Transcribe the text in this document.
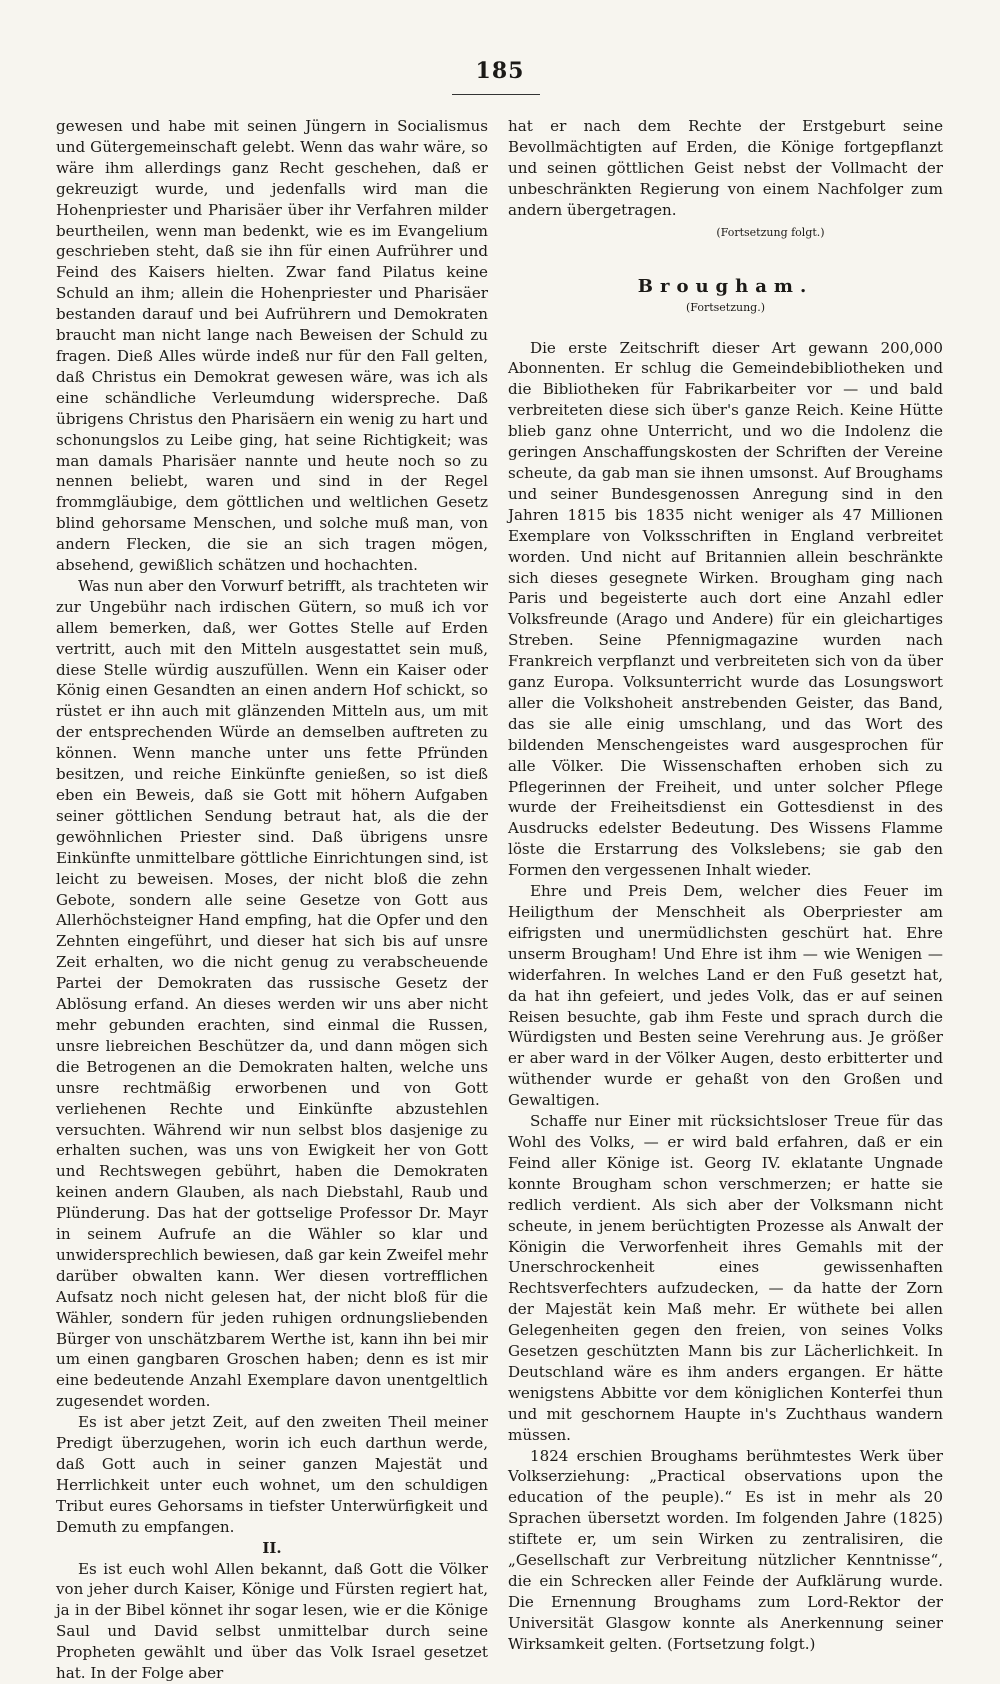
185

gewesen und habe mit seinen Jüngern in Socialismus und Gütergemeinschaft gelebt. Wenn das wahr wäre, so wäre ihm allerdings ganz Recht geschehen, daß er gekreuzigt wurde, und jedenfalls wird man die Hohenpriester und Pharisäer über ihr Verfahren milder beurtheilen, wenn man bedenkt, wie es im Evangelium geschrieben steht, daß sie ihn für einen Aufrührer und Feind des Kaisers hielten. Zwar fand Pilatus keine Schuld an ihm; allein die Hohenpriester und Pharisäer bestanden darauf und bei Aufrührern und Demokraten braucht man nicht lange nach Beweisen der Schuld zu fragen. Dieß Alles würde indeß nur für den Fall gelten, daß Christus ein Demokrat gewesen wäre, was ich als eine schändliche Verleumdung widerspreche. Daß übrigens Christus den Pharisäern ein wenig zu hart und schonungslos zu Leibe ging, hat seine Richtigkeit; was man damals Pharisäer nannte und heute noch so zu nennen beliebt, waren und sind in der Regel frommgläubige, dem göttlichen und weltlichen Gesetz blind gehorsame Menschen, und solche muß man, von andern Flecken, die sie an sich tragen mögen, absehend, gewißlich schätzen und hochachten.

Was nun aber den Vorwurf betrifft, als trachteten wir zur Ungebühr nach irdischen Gütern, so muß ich vor allem bemerken, daß, wer Gottes Stelle auf Erden vertritt, auch mit den Mitteln ausgestattet sein muß, diese Stelle würdig auszufüllen. Wenn ein Kaiser oder König einen Gesandten an einen andern Hof schickt, so rüstet er ihn auch mit glänzenden Mitteln aus, um mit der entsprechenden Würde an demselben auftreten zu können. Wenn manche unter uns fette Pfründen besitzen, und reiche Einkünfte genießen, so ist dieß eben ein Beweis, daß sie Gott mit höhern Aufgaben seiner göttlichen Sendung betraut hat, als die der gewöhnlichen Priester sind. Daß übrigens unsre Einkünfte unmittelbare göttliche Einrichtungen sind, ist leicht zu beweisen. Moses, der nicht bloß die zehn Gebote, sondern alle seine Gesetze von Gott aus Allerhöchsteigner Hand empfing, hat die Opfer und den Zehnten eingeführt, und dieser hat sich bis auf unsre Zeit erhalten, wo die nicht genug zu verabscheuende Partei der Demokraten das russische Gesetz der Ablösung erfand. An dieses werden wir uns aber nicht mehr gebunden erachten, sind einmal die Russen, unsre liebreichen Beschützer da, und dann mögen sich die Betrogenen an die Demokraten halten, welche uns unsre rechtmäßig erworbenen und von Gott verliehenen Rechte und Einkünfte abzustehlen versuchten. Während wir nun selbst blos dasjenige zu erhalten suchen, was uns von Ewigkeit her von Gott und Rechtswegen gebührt, haben die Demokraten keinen andern Glauben, als nach Diebstahl, Raub und Plünderung. Das hat der gottselige Professor Dr. Mayr in seinem Aufrufe an die Wähler so klar und unwidersprechlich bewiesen, daß gar kein Zweifel mehr darüber obwalten kann. Wer diesen vortrefflichen Aufsatz noch nicht gelesen hat, der nicht bloß für die Wähler, sondern für jeden ruhigen ordnungsliebenden Bürger von unschätzbarem Werthe ist, kann ihn bei mir um einen gangbaren Groschen haben; denn es ist mir eine bedeutende Anzahl Exemplare davon unentgeltlich zugesendet worden.

Es ist aber jetzt Zeit, auf den zweiten Theil meiner Predigt überzugehen, worin ich euch darthun werde, daß Gott auch in seiner ganzen Majestät und Herrlichkeit unter euch wohnet, um den schuldigen Tribut eures Gehorsams in tiefster Unterwürfigkeit und Demuth zu empfangen.

II.

Es ist euch wohl Allen bekannt, daß Gott die Völker von jeher durch Kaiser, Könige und Fürsten regiert hat, ja in der Bibel könnet ihr sogar lesen, wie er die Könige Saul und David selbst unmittelbar durch seine Propheten gewählt und über das Volk Israel gesetzet hat. In der Folge aber

hat er nach dem Rechte der Erstgeburt seine Bevollmächtigten auf Erden, die Könige fortgepflanzt und seinen göttlichen Geist nebst der Vollmacht der unbeschränkten Regierung von einem Nachfolger zum andern übergetragen.

(Fortsetzung folgt.)
Brougham.
(Fortsetzung.)

Die erste Zeitschrift dieser Art gewann 200,000 Abonnenten. Er schlug die Gemeindebibliotheken und die Bibliotheken für Fabrikarbeiter vor — und bald verbreiteten diese sich über's ganze Reich. Keine Hütte blieb ganz ohne Unterricht, und wo die Indolenz die geringen Anschaffungskosten der Schriften der Vereine scheute, da gab man sie ihnen umsonst. Auf Broughams und seiner Bundesgenossen Anregung sind in den Jahren 1815 bis 1835 nicht weniger als 47 Millionen Exemplare von Volksschriften in England verbreitet worden. Und nicht auf Britannien allein beschränkte sich dieses gesegnete Wirken. Brougham ging nach Paris und begeisterte auch dort eine Anzahl edler Volksfreunde (Arago und Andere) für ein gleichartiges Streben. Seine Pfennigmagazine wurden nach Frankreich verpflanzt und verbreiteten sich von da über ganz Europa. Volksunterricht wurde das Losungswort aller die Volkshoheit anstrebenden Geister, das Band, das sie alle einig umschlang, und das Wort des bildenden Menschengeistes ward ausgesprochen für alle Völker. Die Wissenschaften erhoben sich zu Pflegerinnen der Freiheit, und unter solcher Pflege wurde der Freiheitsdienst ein Gottesdienst in des Ausdrucks edelster Bedeutung. Des Wissens Flamme löste die Erstarrung des Volkslebens; sie gab den Formen den vergessenen Inhalt wieder.

Ehre und Preis Dem, welcher dies Feuer im Heiligthum der Menschheit als Oberpriester am eifrigsten und unermüdlichsten geschürt hat. Ehre unserm Brougham! Und Ehre ist ihm — wie Wenigen — widerfahren. In welches Land er den Fuß gesetzt hat, da hat ihn gefeiert, und jedes Volk, das er auf seinen Reisen besuchte, gab ihm Feste und sprach durch die Würdigsten und Besten seine Verehrung aus. Je größer er aber ward in der Völker Augen, desto erbitterter und wüthender wurde er gehaßt von den Großen und Gewaltigen.

Schaffe nur Einer mit rücksichtsloser Treue für das Wohl des Volks, — er wird bald erfahren, daß er ein Feind aller Könige ist. Georg IV. eklatante Ungnade konnte Brougham schon verschmerzen; er hatte sie redlich verdient. Als sich aber der Volksmann nicht scheute, in jenem berüchtigten Prozesse als Anwalt der Königin die Verworfenheit ihres Gemahls mit der Unerschrockenheit eines gewissenhaften Rechtsverfechters aufzudecken, — da hatte der Zorn der Majestät kein Maß mehr. Er wüthete bei allen Gelegenheiten gegen den freien, von seines Volks Gesetzen geschützten Mann bis zur Lächerlichkeit. In Deutschland wäre es ihm anders ergangen. Er hätte wenigstens Abbitte vor dem königlichen Konterfei thun und mit geschornem Haupte in's Zuchthaus wandern müssen.

1824 erschien Broughams berühmtestes Werk über Volkserziehung: „Practical observations upon the education of the peuple).“ Es ist in mehr als 20 Sprachen übersetzt worden. Im folgenden Jahre (1825) stiftete er, um sein Wirken zu zentralisiren, die „Gesellschaft zur Verbreitung nützlicher Kenntnisse“, die ein Schrecken aller Feinde der Aufklärung wurde. Die Ernennung Broughams zum Lord-Rektor der Universität Glasgow konnte als Anerkennung seiner Wirksamkeit gelten. (Fortsetzung folgt.)
